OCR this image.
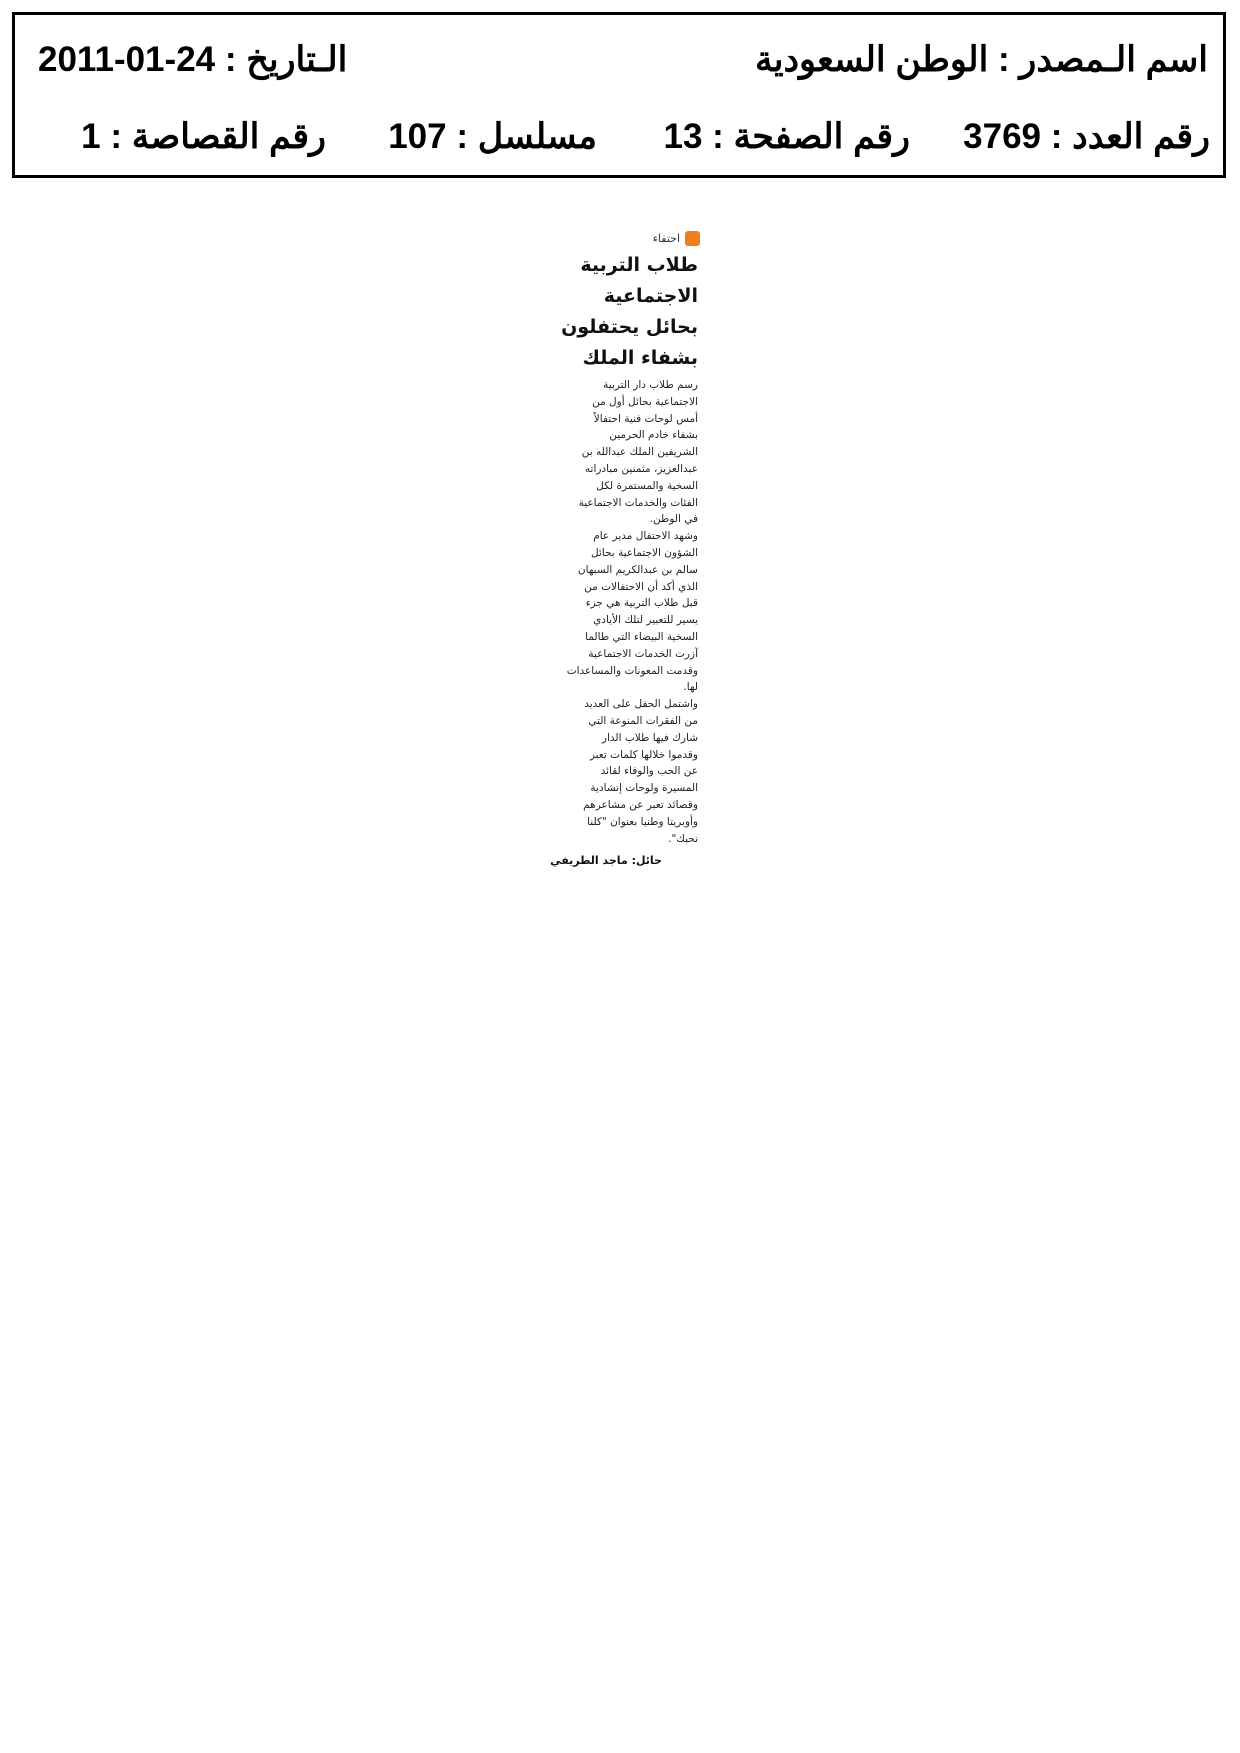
اسم الـمصدر : الوطن السعودية
الـتاريخ : 24-01-2011
رقم العدد : 3769
رقم الصفحة : 13
مسلسل : 107
رقم القصاصة : 1
احتفاء
طلاب التربية
الاجتماعية
بحائل يحتفلون
بشفاء الملك
رسم طلاب دار التربية
الاجتماعية بحائل أول من
أمس لوحات فنية احتفالاً
بشفاء خادم الحرمين
الشريفين الملك عبدالله بن
عبدالعزيز، مثمنين مبادراته
السخية والمستمرة لكل
الفئات والخدمات الاجتماعية
في الوطن.
وشهد الاحتفال مدير عام
الشؤون الاجتماعية بحائل
سالم بن عبدالكريم السبهان
الذي أكد أن الاحتفالات من
قبل طلاب التربية هي جزء
يسير للتعبير لتلك الأيادي
السخية البيضاء التي طالما
آزرت الخدمات الاجتماعية
وقدمت المعونات والمساعدات
لها.
واشتمل الحفل على العديد
من الفقرات المنوعة التي
شارك فيها طلاب الدار
وقدموا خلالها كلمات تعبر
عن الحب والوفاء لقائد
المسيرة ولوحات إنشادية
وقصائد تعبر عن مشاعرهم
وأوبريتا وطنيا بعنوان "كلنا
نحبك".
حائل: ماجد الطريفي
